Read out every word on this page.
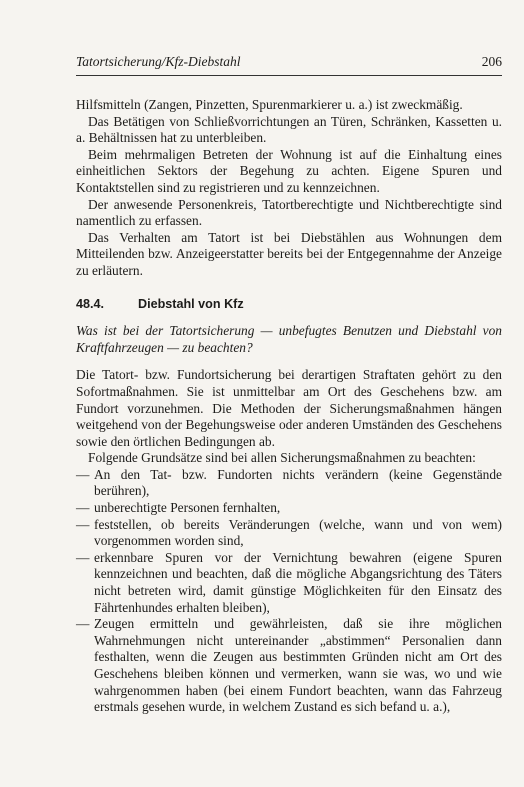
Tatortsicherung/Kfz-Diebstahl	206

Hilfsmitteln (Zangen, Pinzetten, Spurenmarkierer u. a.) ist zweckmäßig.

Das Betätigen von Schließvorrichtungen an Türen, Schränken, Kassetten u. a. Behältnissen hat zu unterbleiben.

Beim mehrmaligen Betreten der Wohnung ist auf die Einhaltung eines einheitlichen Sektors der Begehung zu achten. Eigene Spuren und Kontaktstellen sind zu registrieren und zu kennzeichnen.

Der anwesende Personenkreis, Tatortberechtigte und Nichtberechtigte sind namentlich zu erfassen.

Das Verhalten am Tatort ist bei Diebstählen aus Wohnungen dem Mitteilenden bzw. Anzeigeerstatter bereits bei der Entgegennahme der Anzeige zu erläutern.

48.4.	Diebstahl von Kfz

Was ist bei der Tatortsicherung — unbefugtes Benutzen und Diebstahl von Kraftfahrzeugen — zu beachten?

Die Tatort- bzw. Fundortsicherung bei derartigen Straftaten gehört zu den Sofortmaßnahmen. Sie ist unmittelbar am Ort des Geschehens bzw. am Fundort vorzunehmen. Die Methoden der Sicherungsmaßnahmen hängen weitgehend von der Begehungsweise oder anderen Umständen des Geschehens sowie den örtlichen Bedingungen ab.

Folgende Grundsätze sind bei allen Sicherungsmaßnahmen zu beachten:

— An den Tat- bzw. Fundorten nichts verändern (keine Gegenstände berühren),
— unberechtigte Personen fernhalten,
— feststellen, ob bereits Veränderungen (welche, wann und von wem) vorgenommen worden sind,
— erkennbare Spuren vor der Vernichtung bewahren (eigene Spuren kennzeichnen und beachten, daß die mögliche Abgangsrichtung des Täters nicht betreten wird, damit günstige Möglichkeiten für den Einsatz des Fährtenhundes erhalten bleiben),
— Zeugen ermitteln und gewährleisten, daß sie ihre möglichen Wahrnehmungen nicht untereinander „abstimmen“ Personalien dann festhalten, wenn die Zeugen aus bestimmten Gründen nicht am Ort des Geschehens bleiben können und vermerken, wann sie was, wo und wie wahrgenommen haben (bei einem Fundort beachten, wann das Fahrzeug erstmals gesehen wurde, in welchem Zustand es sich befand u. a.),
